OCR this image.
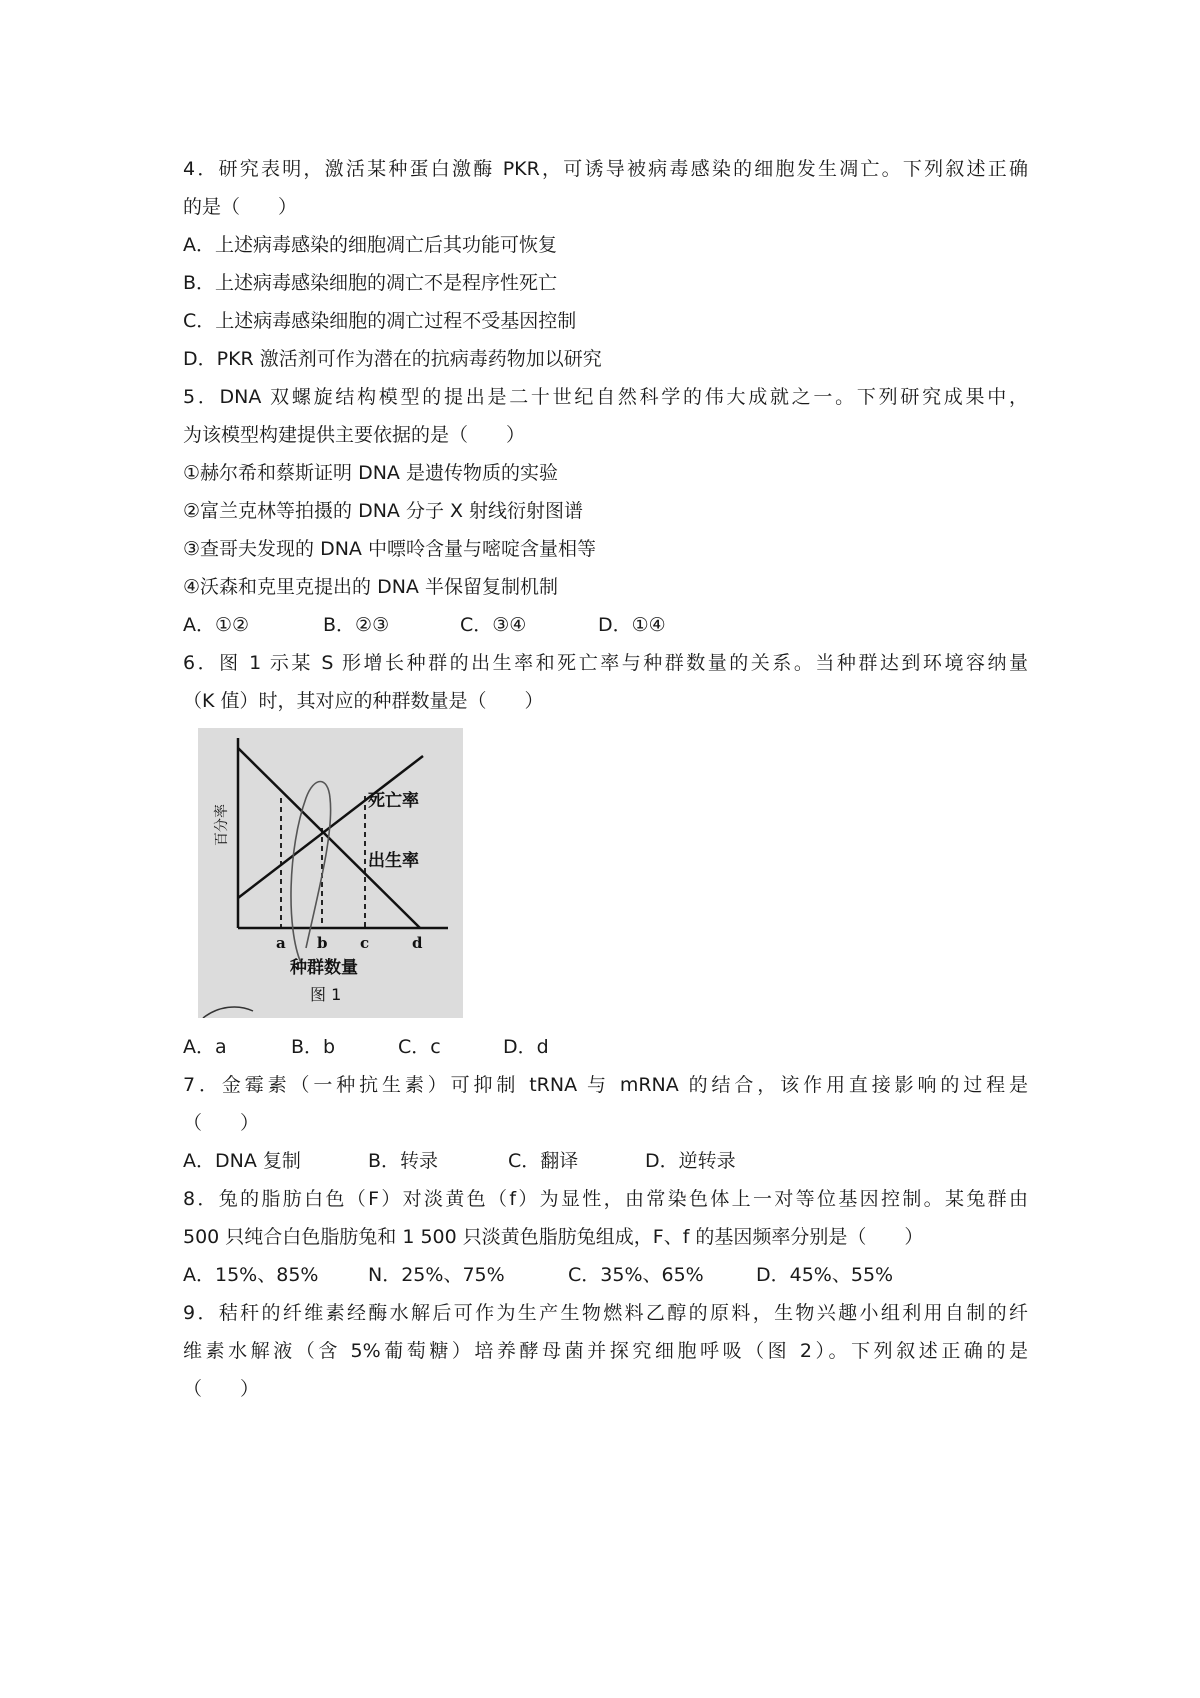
4．研究表明，激活某种蛋白激酶 PKR，可诱导被病毒感染的细胞发生凋亡。下列叙述正确
的是（　　）
A．上述病毒感染的细胞凋亡后其功能可恢复
B．上述病毒感染细胞的凋亡不是程序性死亡
C．上述病毒感染细胞的凋亡过程不受基因控制
D．PKR 激活剂可作为潜在的抗病毒药物加以研究
5．DNA 双螺旋结构模型的提出是二十世纪自然科学的伟大成就之一。下列研究成果中，
为该模型构建提供主要依据的是（　　）
①赫尔希和蔡斯证明 DNA 是遗传物质的实验
②富兰克林等拍摄的 DNA 分子 X 射线衍射图谱
③查哥夫发现的 DNA 中嘌呤含量与嘧啶含量相等
④沃森和克里克提出的 DNA 半保留复制机制
A．①②	B．②③	C．③④	D．①④
6．图 1 示某 S 形增长种群的出生率和死亡率与种群数量的关系。当种群达到环境容纳量
（K 值）时，其对应的种群数量是（　　）
死亡率
出生率
百分率
a b c	d
种群数量
图 1
A．a	B．b	C．c	D．d
7．金霉素（一种抗生素）可抑制 tRNA 与 mRNA 的结合，该作用直接影响的过程是
（　　）
A．DNA 复制	B．转录	C．翻译	D．逆转录
8．兔的脂肪白色（F）对淡黄色（f）为显性，由常染色体上一对等位基因控制。某兔群由
500 只纯合白色脂肪兔和 1 500 只淡黄色脂肪兔组成，F、f 的基因频率分别是（　　）
A．15%、85%	N．25%、75%	C．35%、65%	D．45%、55%
9．秸秆的纤维素经酶水解后可作为生产生物燃料乙醇的原料，生物兴趣小组利用自制的纤
维素水解液（含 5%葡萄糖）培养酵母菌并探究细胞呼吸（图 2）。下列叙述正确的是
（　　）
